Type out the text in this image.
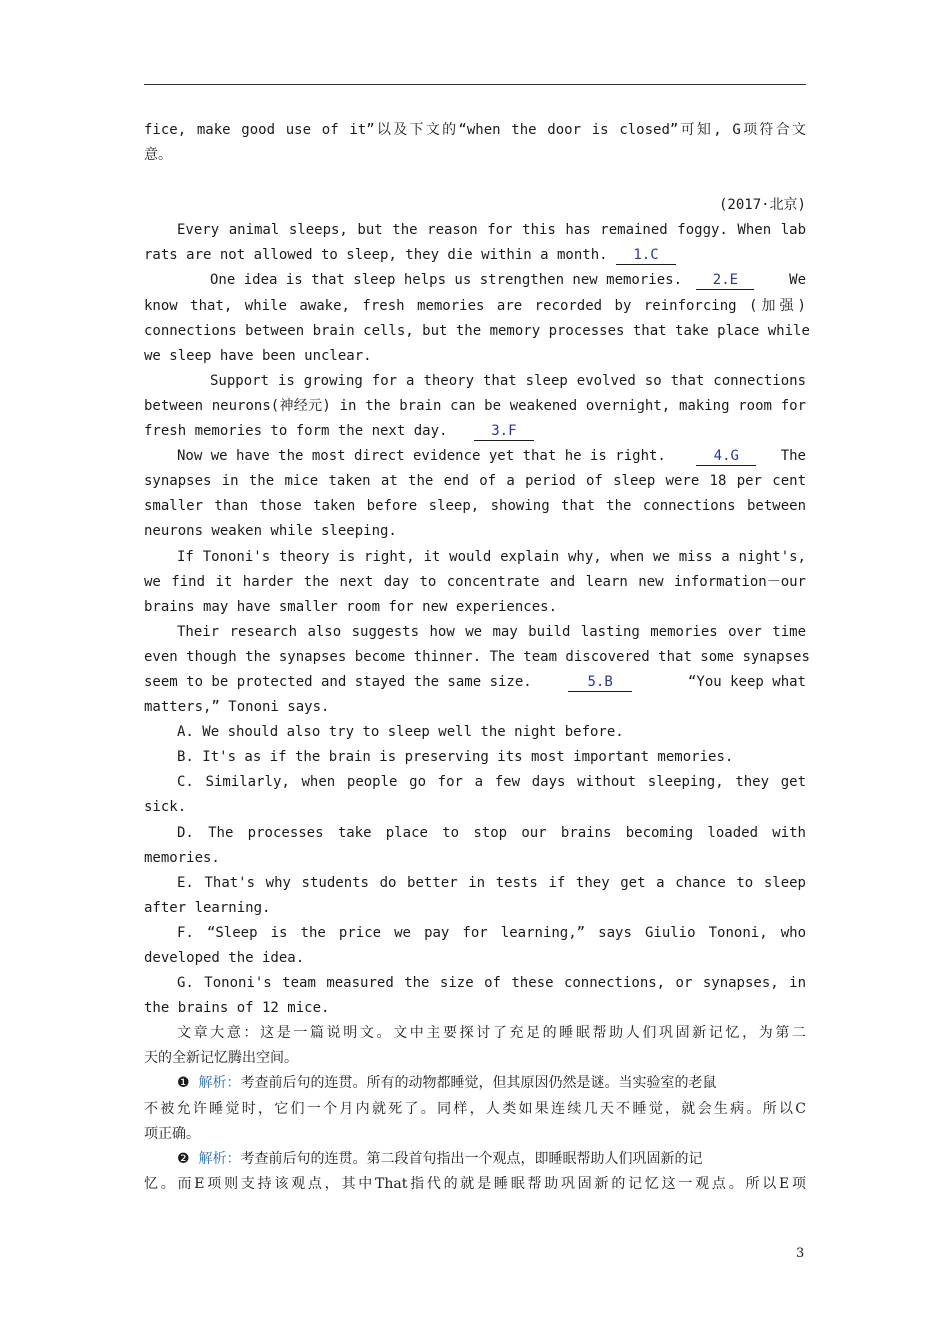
fice, make good use of it”以及下文的“when the door is closed”可知, G项符合文
意。
(2017·北京)
Every animal sleeps, but the reason for this has remained foggy. When lab
rats are not allowed to sleep, they die within a month. 1.C
One idea is that sleep helps us strengthen new memories. 2.E	We
know that, while awake, fresh memories are recorded by reinforcing (加强)
connections between brain cells, but the memory processes that take place while
we sleep have been unclear.
Support is growing for a theory that sleep evolved so that connections
between neurons(神经元) in the brain can be weakened overnight, making room for
fresh memories to form the next day.	3.F
Now we have the most direct evidence yet that he is right.	4.G	The
synapses in the mice taken at the end of a period of sleep were 18 per cent
smaller than those taken before sleep, showing that the connections between
neurons weaken while sleeping.
If Tononi's theory is right, it would explain why, when we miss a night's,
we find it harder the next day to concentrate and learn new information－our
brains may have smaller room for new experiences.
Their research also suggests how we may build lasting memories over time
even though the synapses become thinner. The team discovered that some synapses
seem to be protected and stayed the same size.	5.B	“You keep what
matters,” Tononi says.
A. We should also try to sleep well the night before.
B. It's as if the brain is preserving its most important memories.
C. Similarly, when people go for a few days without sleeping, they get
sick.
D. The processes take place to stop our brains becoming loaded with
memories.
E. That's why students do better in tests if they get a chance to sleep
after learning.
F. “Sleep is the price we pay for learning,” says Giulio Tononi, who
developed the idea.
G. Tononi's team measured the size of these connections, or synapses, in
the brains of 12 mice.
文章大意：这是一篇说明文。文中主要探讨了充足的睡眠帮助人们巩固新记忆，为第二
天的全新记忆腾出空间。
❶ 解析：考查前后句的连贯。所有的动物都睡觉，但其原因仍然是谜。当实验室的老鼠
不被允许睡觉时，它们一个月内就死了。同样，人类如果连续几天不睡觉，就会生病。所以C
项正确。
❷ 解析：考查前后句的连贯。第二段首句指出一个观点，即睡眠帮助人们巩固新的记
忆。而E项则支持该观点，其中That指代的就是睡眠帮助巩固新的记忆这一观点。所以E项
3
